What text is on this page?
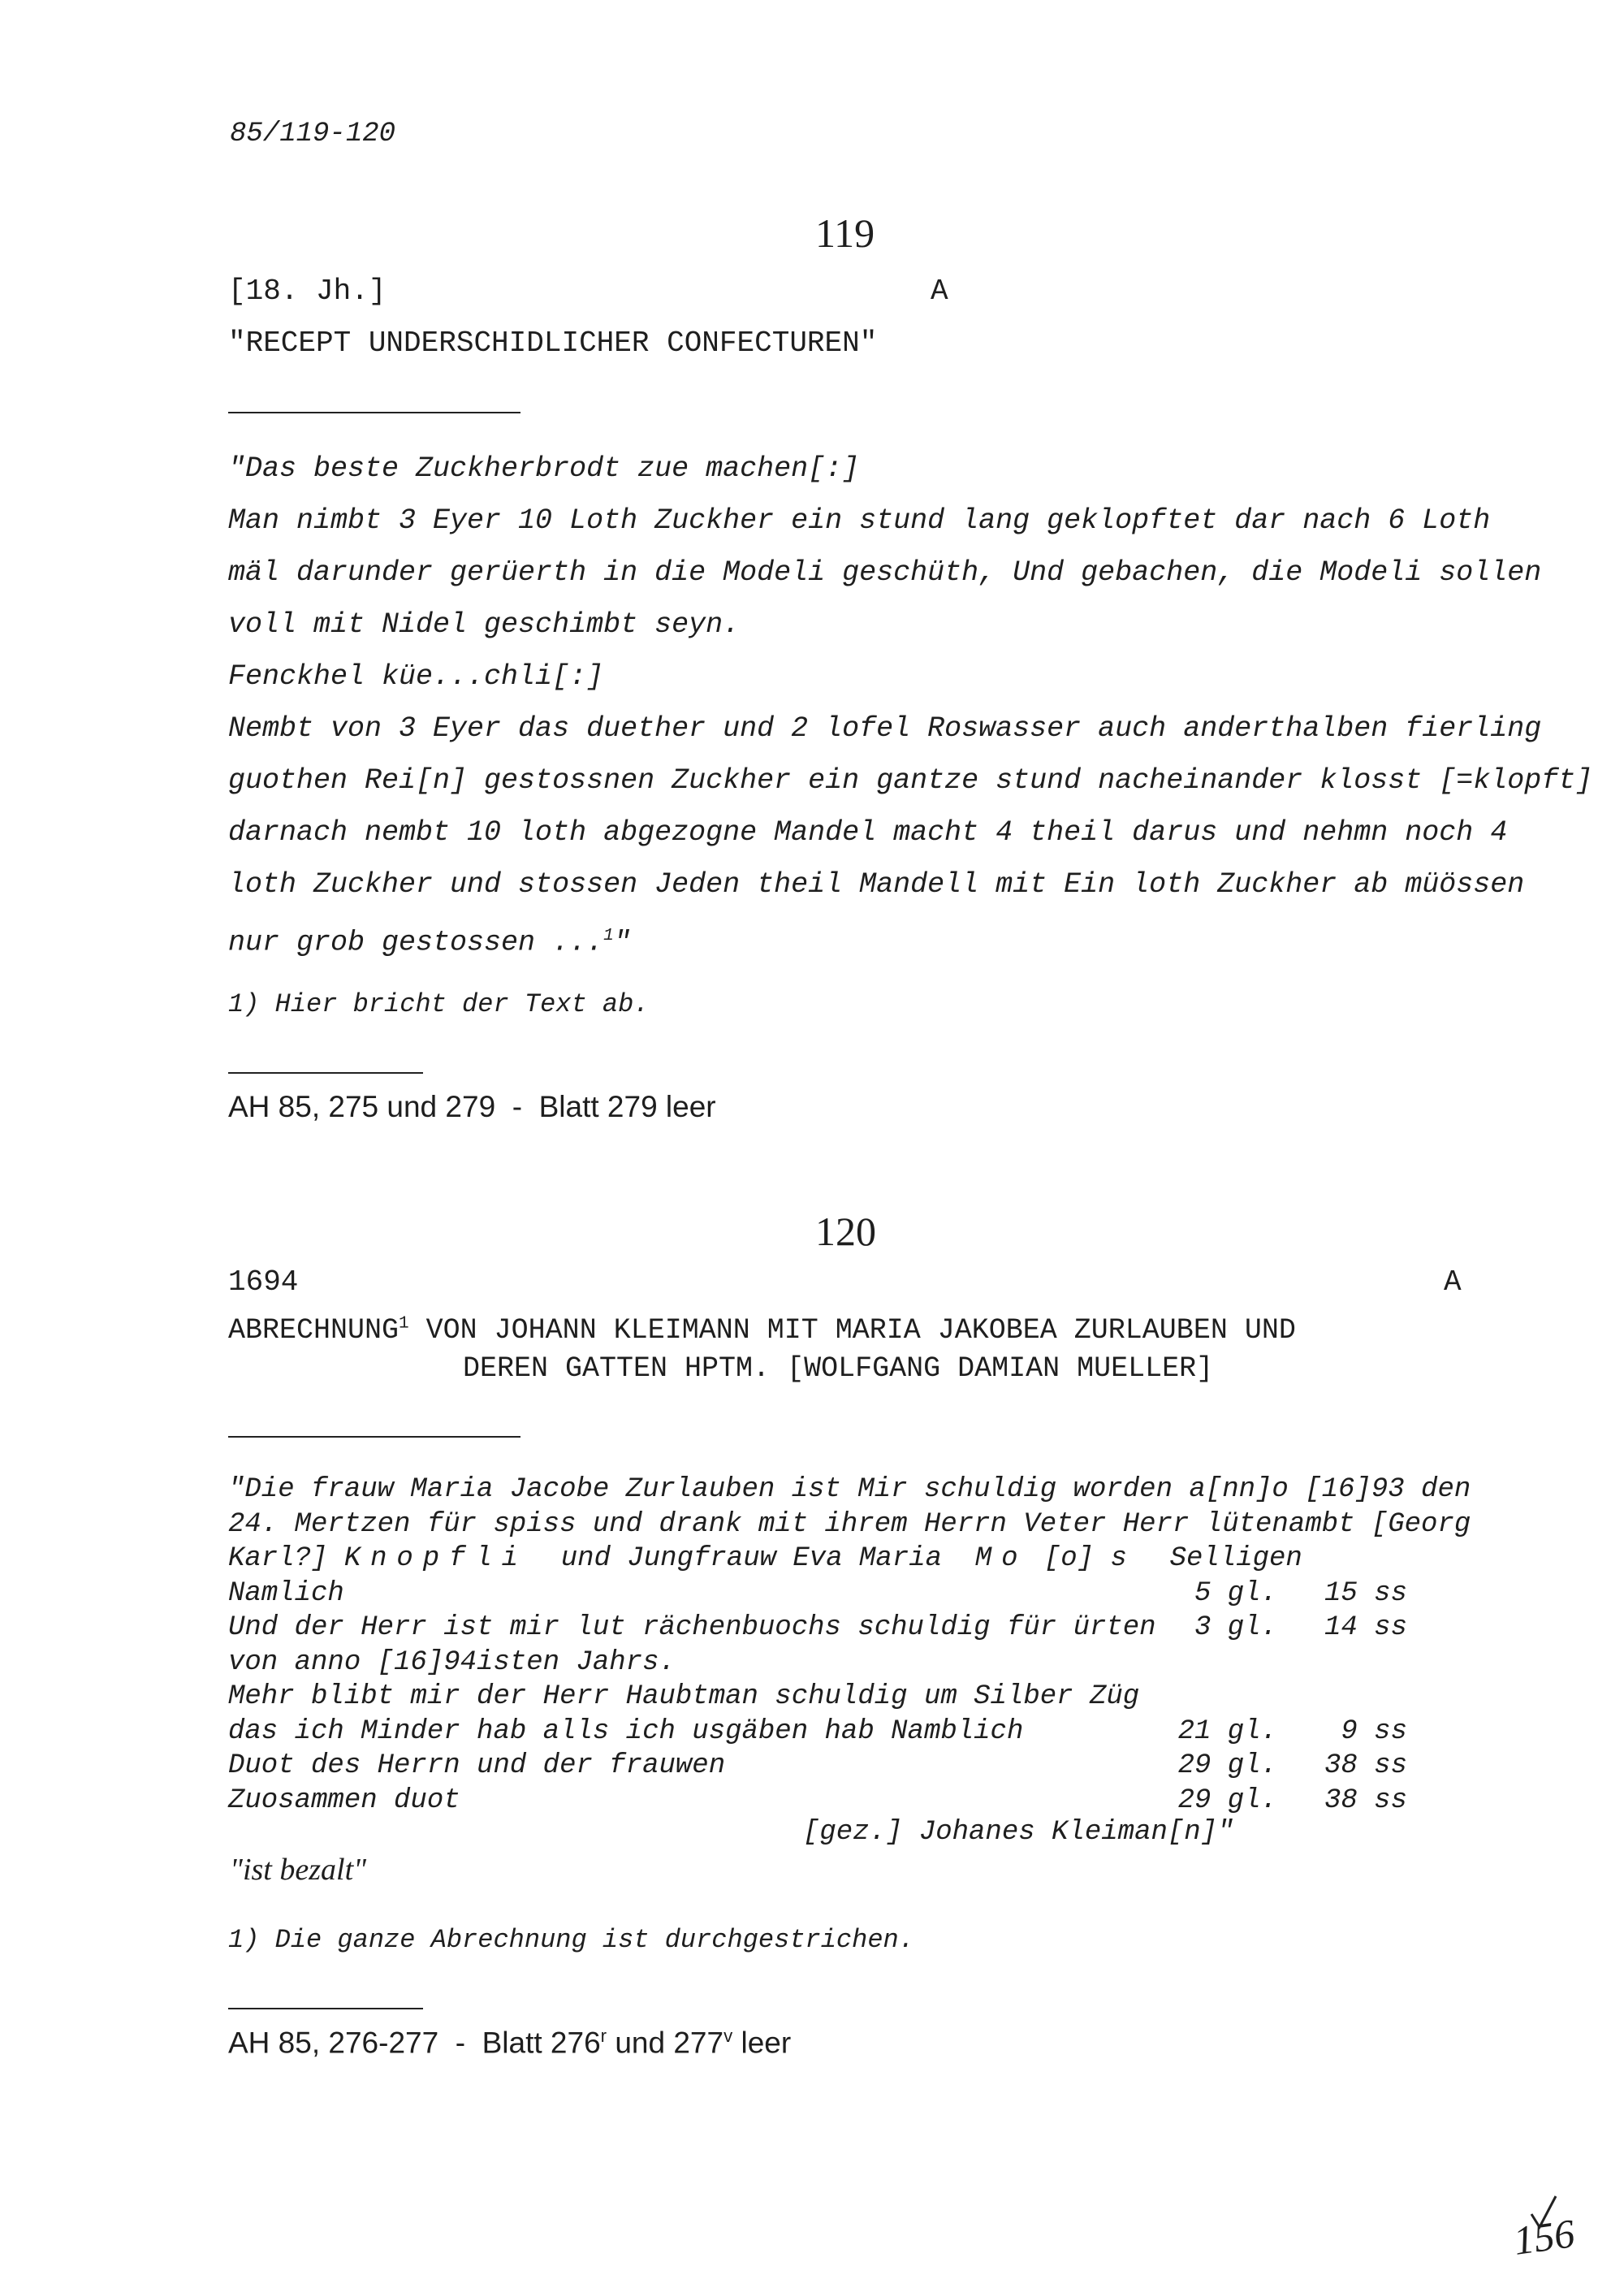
85/119-120
119
[18. Jh.]	A
"RECEPT UNDERSCHIDLICHER CONFECTUREN"
"Das beste Zuckherbrodt zue machen[:]
Man nimbt 3 Eyer 10 Loth Zuckher ein stund lang geklopftet dar nach 6 Loth
mäl darunder gerüerth in die Modeli geschüth, Und gebachen, die Modeli sollen
voll mit Nidel geschimbt seyn.
Fenckhel küe...chli[:]
Nembt von 3 Eyer das duether und 2 lofel Roswasser auch anderthalben fierling
guothen Rei[n] gestossnen Zuckher ein gantze stund nacheinander klosst [=klopft]
darnach nembt 10 loth abgezogne Mandel macht 4 theil darus und nehmn noch 4
loth Zuckher und stossen Jeden theil Mandell mit Ein loth Zuckher ab müössen
nur grob gestossen ...$^1$"
1) Hier bricht der Text ab.
AH 85, 275 und 279  -  Blatt 279 leer
120
1694	A
ABRECHNUNG$^1$ VON JOHANN KLEIMANN MIT MARIA JAKOBEA ZURLAUBEN UND
DEREN GATTEN HPTM. [WOLFGANG DAMIAN MUELLER]
"Die frauw Maria Jacobe Zurlauben ist Mir schuldig worden a[nn]o [16]93 den
24. Mertzen für spiss und drank mit ihrem Herrn Veter Herr lütenambt [Georg
Karl?] Knopfli  und Jungfrauw Eva Maria  Mo [o] s  Selligen
Namlich	5 gl. 15 ss
Und der Herr ist mir lut rächenbuochs schuldig für ürten 3 gl. 14 ss
von anno [16]94isten Jahrs.
Mehr blibt mir der Herr Haubtman schuldig um Silber Züg
das ich Minder hab alls ich usgäben hab Namblich	21 gl. 9 ss
Duot des Herrn und der frauwen	29 gl. 38 ss
Zuosammen duot	29 gl. 38 ss
[gez.] Johanes Kleiman[n]"
"ist bezalt"
1) Die ganze Abrechnung ist durchgestrichen.
AH 85, 276-277  -  Blatt 276$^r$ und 277$^v$ leer
156
